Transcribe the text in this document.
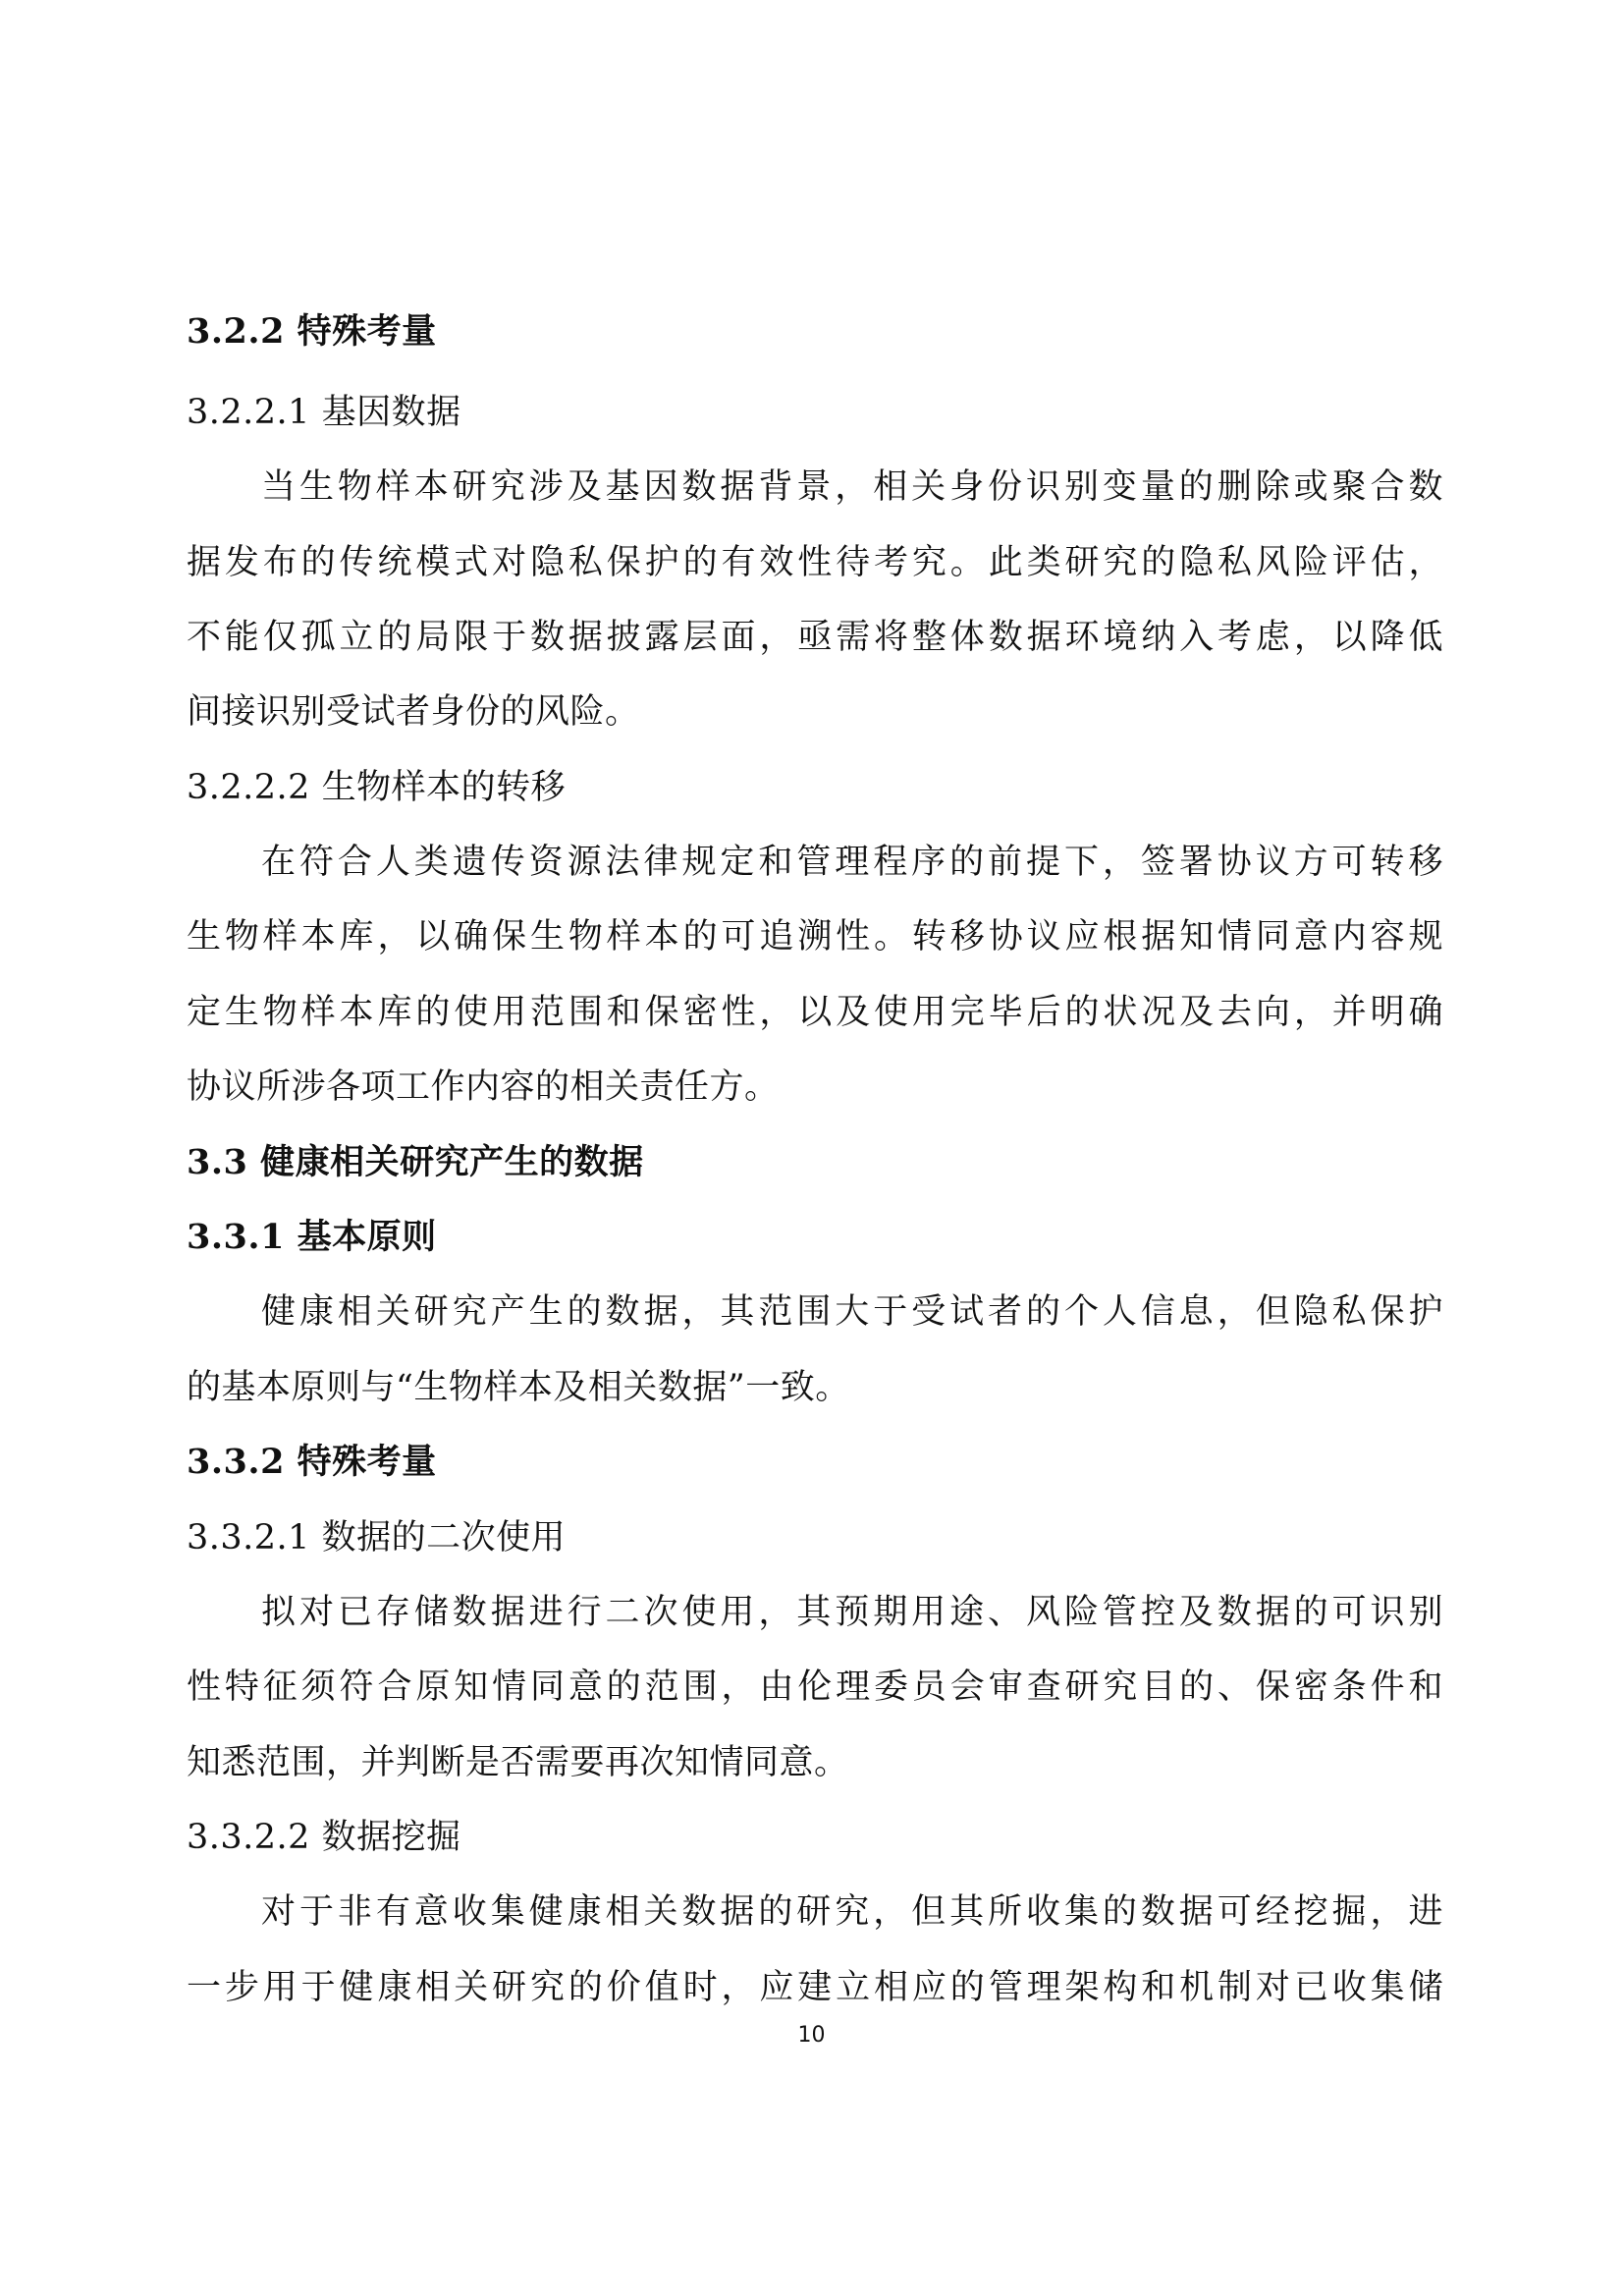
3.2.2 特殊考量
3.2.2.1 基因数据
当生物样本研究涉及基因数据背景，相关身份识别变量的删除或聚合数
据发布的传统模式对隐私保护的有效性待考究。此类研究的隐私风险评估，
不能仅孤立的局限于数据披露层面，亟需将整体数据环境纳入考虑，以降低
间接识别受试者身份的风险。
3.2.2.2 生物样本的转移
在符合人类遗传资源法律规定和管理程序的前提下，签署协议方可转移
生物样本库，以确保生物样本的可追溯性。转移协议应根据知情同意内容规
定生物样本库的使用范围和保密性，以及使用完毕后的状况及去向，并明确
协议所涉各项工作内容的相关责任方。
3.3 健康相关研究产生的数据
3.3.1 基本原则
健康相关研究产生的数据，其范围大于受试者的个人信息，但隐私保护
的基本原则与“生物样本及相关数据”一致。
3.3.2 特殊考量
3.3.2.1 数据的二次使用
拟对已存储数据进行二次使用，其预期用途、风险管控及数据的可识别
性特征须符合原知情同意的范围，由伦理委员会审查研究目的、保密条件和
知悉范围，并判断是否需要再次知情同意。
3.3.2.2 数据挖掘
对于非有意收集健康相关数据的研究，但其所收集的数据可经挖掘，进
一步用于健康相关研究的价值时，应建立相应的管理架构和机制对已收集储
10
